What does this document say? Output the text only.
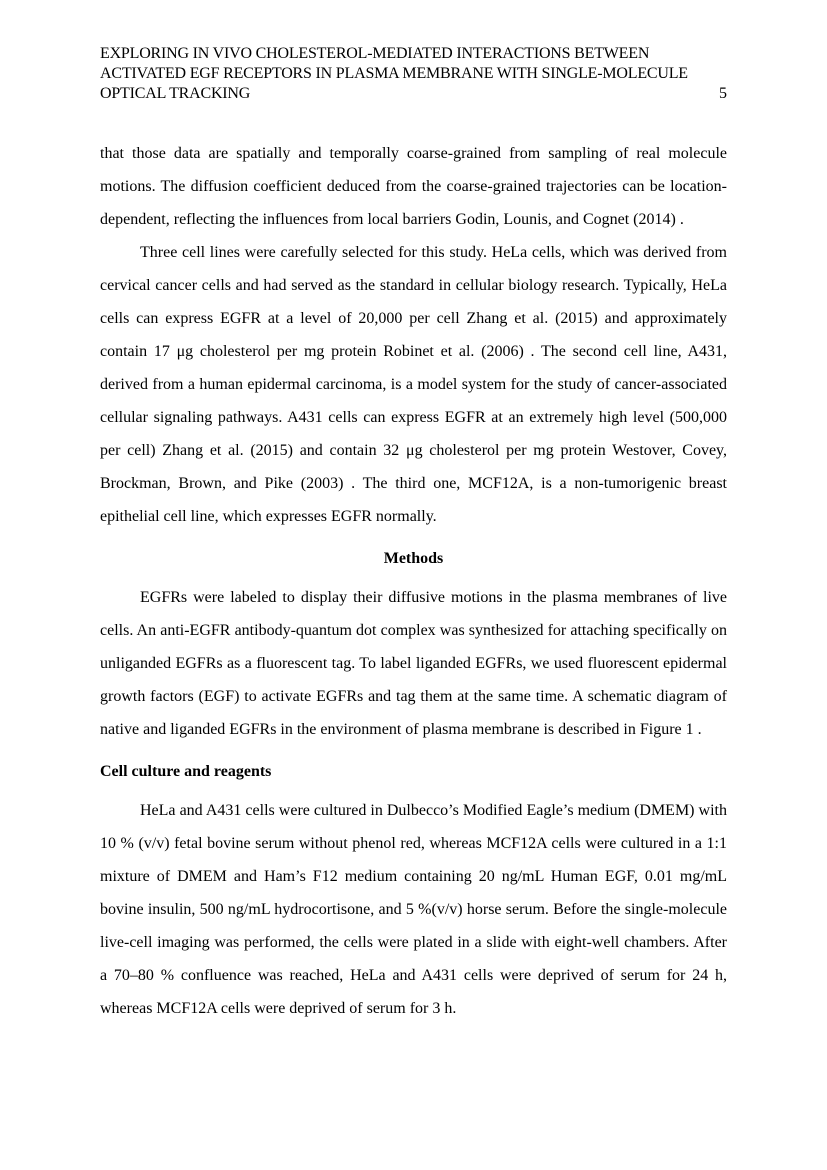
EXPLORING IN VIVO CHOLESTEROL-MEDIATED INTERACTIONS BETWEEN
ACTIVATED EGF RECEPTORS IN PLASMA MEMBRANE WITH SINGLE-MOLECULE
OPTICAL TRACKING	5

that those data are spatially and temporally coarse-grained from sampling of real molecule motions. The diffusion coefficient deduced from the coarse-grained trajectories can be location-dependent, reflecting the influences from local barriers Godin, Lounis, and Cognet (2014) .

Three cell lines were carefully selected for this study. HeLa cells, which was derived from cervical cancer cells and had served as the standard in cellular biology research. Typically, HeLa cells can express EGFR at a level of 20,000 per cell Zhang et al. (2015) and approximately contain 17 μg cholesterol per mg protein Robinet et al. (2006) . The second cell line, A431, derived from a human epidermal carcinoma, is a model system for the study of cancer-associated cellular signaling pathways. A431 cells can express EGFR at an extremely high level (500,000 per cell) Zhang et al. (2015) and contain 32 μg cholesterol per mg protein Westover, Covey, Brockman, Brown, and Pike (2003) . The third one, MCF12A, is a non-tumorigenic breast epithelial cell line, which expresses EGFR normally.

Methods

EGFRs were labeled to display their diffusive motions in the plasma membranes of live cells. An anti-EGFR antibody-quantum dot complex was synthesized for attaching specifically on unliganded EGFRs as a fluorescent tag. To label liganded EGFRs, we used fluorescent epidermal growth factors (EGF) to activate EGFRs and tag them at the same time. A schematic diagram of native and liganded EGFRs in the environment of plasma membrane is described in Figure 1 .

Cell culture and reagents

HeLa and A431 cells were cultured in Dulbecco’s Modified Eagle’s medium (DMEM) with 10 % (v/v) fetal bovine serum without phenol red, whereas MCF12A cells were cultured in a 1:1 mixture of DMEM and Ham’s F12 medium containing 20 ng/mL Human EGF, 0.01 mg/mL bovine insulin, 500 ng/mL hydrocortisone, and 5 %(v/v) horse serum. Before the single-molecule live-cell imaging was performed, the cells were plated in a slide with eight-well chambers. After a 70–80 % confluence was reached, HeLa and A431 cells were deprived of serum for 24 h, whereas MCF12A cells were deprived of serum for 3 h.
